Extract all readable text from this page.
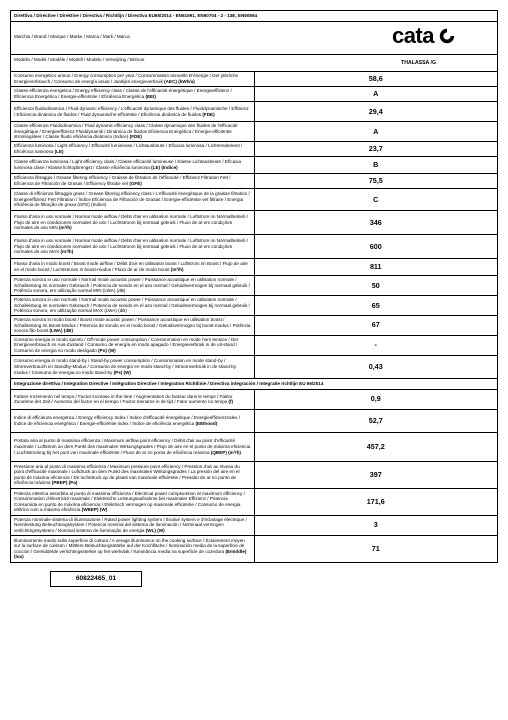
Direttiva / Directive / Direktive / Directiva / Richtlijn / Directiva EU65/2014 - EN61591, EN60704 - 2 - 13E, EN60564	

Marchio / Brand / Marque / Marke / Marca / Mark / Marca cata	

Modello / Model / Modèle / Modell / Modelo / Verwijzing / Brincar
THALASSA /G	

Consumo energetico annuo / Energy consumption per year / Consommation annuelle D'énergie / Der jährliche Energieverbrauch / Consumo de energía anual / Jaarlijks energieverbruik (AEC) (kWh/a)	58,6
Classe efficienza energetica / Energy efficiency class / Classe de l'efficacité énergétique / Energieeffizienz / Eficiencia Energética / Energie-efficiëntie / Eficiência Energética (EEI)	A
Efficienza fluidodinamica / Fluid dynamic efficiency / L'efficacité dynamique des fluides / Fluiddynamische / Effizienz / Eficiencia dinámica de fluidos / Fluid dynamische efficiëntie / Eficiência dinâmica de fluidos (FDE)	29,4
Classe efficienza Fluidodinamica / Fluid dynamic efficiency class / Classe dynamique des fluides de l'efficacité énergétique / Energieeffizienz Fluiddynamik / Dinámica de fluidos Eficiencia Energética / Energie-efficiëntie stromingsleer / Classe fluido eficiência dinâmica (Indice) (FDE)	A
Efficienza luminosa / Light efficiency / Efficacité lumineuse / Lichtausbeute / Eficacia luminosa / Lichtrendement / Eficiência luminosa (LE)	23,7
Classe efficienza luminosa / Light efficiency class / Classe efficacité lumineuse / Klasse Lichtausbeute / Eficacia luminosa clase / Klasse lichtopbrengst / Classe eficiência luminosa (LE) (Indice)	B
Efficienza filtraggio / Grease filtering efficiency / Graisse de filtration de l'efficacité / Effizienz Filtration Fett / Eficiencia de Filtración de Grasas / Efficiency filtratie vet (GFE)	75,5
Classe di efficienza filtraggio grass / Grease filtering efficiency class / L'efficacité énergétique de la graisse filtration / Energieeffizienz Fett Filtration / Índice Eficiencia de Filtración de Grasas / Energie-efficiëntie vet filtraire / Energia eficiência de filtração de graxa (GFE) (Indice)	C
Flusso d'aria in uso normale / Normal mode airflow / Débit d'air en utilisation normale / Luftstrom im Normalbetrieb / Flujo de aire en condiciones normales de uso / Luchtstroom bij normaal gebruik / Fluxo de ar em condições normales de uso MIN (m³/h)	346
Flusso d'aria in uso normale / Normal mode airflow / Débit d'air en utilisation normale / Luftstrom im Normalbetrieb / Flujo de aire en condiciones normales de uso / Luchtstroom bij normaal gebruik / Fluxo de ar em condições normales de uso MAX (m³/h)	600
Flusso d'aria in modo boost / Boost mode airflow / Débit d'air en utilisation boost / Luftstrom im Boost / Flujo de aire en el modo boost / Luchtstroom in boost-modus / Fluxo de ar de modo boost (m³/h)	811
Potenza sonora in uso normale / Normal mode acoustic power / Puissance acoustique en utilisation normale / Schalleistung im normalen Gebrauch / Potencia de sonido en el uso normal / Geluidsvermogen bij normaal gebruik / Potência sonora, em utilização normal MIN (LWA) (dB)	50
Potenza sonora in uso normale / Normal mode acoustic power / Puissance acoustique en utilisation normale / Schalleistung im normalen Gebrauch / Potencia de sonido en el uso normal / Geluidsvermogen bij normaal gebruik / Potência sonora, em utilização normal MAX (LWA) (dB)	65
Potenza sonora in modo boost / Boost mode acustic power / Puissance acoustique en utilisation boost / Schalleistung im Boost-Modus / Potencia de sonido en el modo boost / Geluidsvermogen bij boost-modus / Potência sonora fão boost (LWA) (dB)	67
Consumo energia in modo spento / Off-mode power consumption / Consommation en mode hors tension / Der Energieverbrauch im Aus-Zustand / Consumo de energía en modo apagado / Energieverbruik in de uit-stand / Consumo de energia no modo desligado (Po) (W)	-
Consumo energia in modo stand-by / Stand-by power consumption / Consommation en mode stand-by / Stromverbrauch im Standby-Modus / Consumo de energía en modo stand-by / Stroomverbruik in de stand-by modus / Consumo de energia no modo stand-by (Ps) (W)	0,43
Integrazione direttiva / Integration Directive / Intégration Directive / Integration Richtlinie / Directiva integración / Integratie richtlijn EU 66/2014	
Fattore Incremento nel tempo / Factor increase in the time / Augmentation du facteur dans le temps / Faktor Zunahme der Zeit / Aumento del factor en el tiempo / Factor toename in de tijd / Fator aumento no tempo (f)	0,9
Indice di efficienza energetica / Energy efficiency Index / Indice d'efficacité énergétique / Energieeffizienzindex / Índice de eficiencia energética / Energie-efficiëntie index / Índice de eficiência energética (EEIhood)	52,7
Portata aria al punto di massima efficienza / Maximum airflow point efficiency / Débit d'air au point d'efficacité maximale / Luftstrom an dem Punkt des maximalen Wirkungsgrades / Flujo de aire en el punto de máxima eficiencia / Luchtstroming bij het punt van maximale efficiëntie / Fluxo de ar no ponto de eficiência máxima (QBEP) (m³/h)	457,2
Pressione aria al punto di massima efficienza / Maximum pressure point efficiency / Pression d'air au niveau du point d'efficacité maximale / Luftdruck an dem Punkt des maximalen Wirkungsgrades / La presión del aire en el punto de máxima eficiencia / De luchtdruck op de plaats van maximale efficiëntie / Pressão de ar no ponto de eficiência máxima (PBEP) (Pa)	397
Potenza elettrica assorbita al punto di massima efficienza / Electrical power compsumtion at maximum efficiency / Consommation d'électricité maximale / Elektrische Leistungsaufnahme bei maximaler Effizienz / Potencia Consumida en punto de máxima eficiencia / Elektrisch vermogen op maximale efficiëntie / Consumo de energia elétrica com a máxima eficiência (WBEP) (W)	171,6
Potenza nominale sistema di illuminazione / Rated power lighting system / Évalué system e d'éclairage électrique / Nennleistung Beleuchtungssystem / Potencia nominal del sistema de iluminación / Nominaal vermogen verlichtingssysteem / Nominal sistema de iluminação de energia (WL) (W)	3
Illuminamento medio sulla superficie di cottura / A verage illuminance on the cooking surface / Éclairement moyen sur la surface de cuisson / Mittlere Beleuchtungsstärke auf der Kochfläche / Iluminación media de la superficie de cocción / Gemiddelde verlichtingssterkte op het werkvlak / Iluminância media na superficie de cozedura (Emiddle) (lux)	71
60822465_01
